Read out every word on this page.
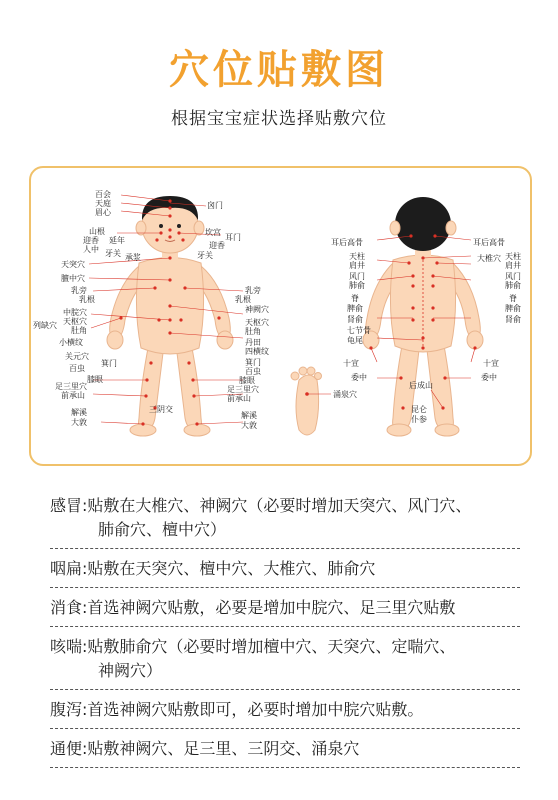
穴位贴敷图
根据宝宝症状选择贴敷穴位
百会
天庭
眉心
囟门
山根
迎香
人中
延年
牙关 承浆
坎宫
耳门
迎香
牙关
天突穴
膻中穴
乳旁
乳根
中脘穴
天枢穴
肚角
列缺穴
小横纹
关元穴
百虫
箕门
膝眼
足三里穴
前承山
解溪
大敦
三阴交
乳旁
乳根
神阙穴
天枢穴
肚角
丹田
四横纹
箕门
百虫
膝眼
足三里穴
前承山
解溪
大敦
耳后高骨
天柱
肩井
风门
肺俞
脊
脾俞
肾俞
七节骨
龟尾
十宣
委中
涌泉穴
后成山
昆仑
仆参
耳后高骨
大椎穴 天柱
肩井
风门
肺俞
脊
脾俞
肾俞
十宣
委中
感冒:贴敷在大椎穴、神阙穴（必要时增加天突穴、风门穴、
肺俞穴、檀中穴）
咽扁:贴敷在天突穴、檀中穴、大椎穴、肺俞穴
消食:首选神阙穴贴敷，必要是增加中脘穴、足三里穴贴敷
咳喘:贴敷肺俞穴（必要时增加檀中穴、天突穴、定喘穴、
神阙穴）
腹泻:首选神阙穴贴敷即可，必要时增加中脘穴贴敷。
通便:贴敷神阙穴、足三里、三阴交、涌泉穴
